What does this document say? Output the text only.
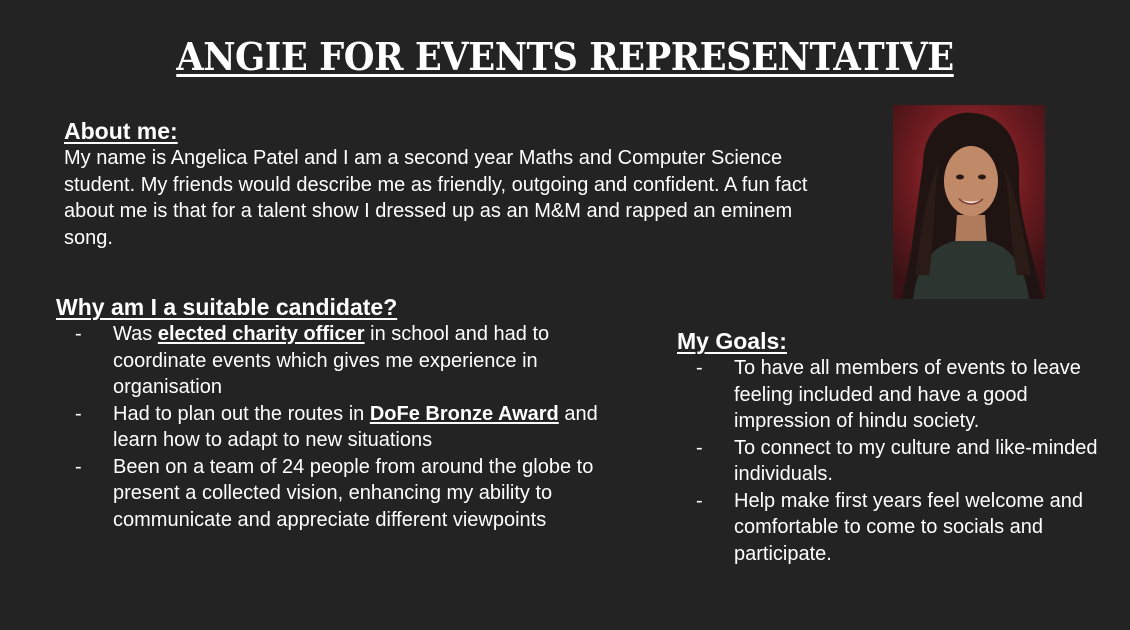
ANGIE FOR EVENTS REPRESENTATIVE
About me:
My name is Angelica Patel and I am a second year Maths and Computer Science student. My friends would describe me as friendly, outgoing and confident. A fun fact about me is that for a talent show I dressed up as an M&M and rapped an eminem song.
Why am I a suitable candidate?
- Was elected charity officer in school and had to coordinate events which gives me experience in organisation
- Had to plan out the routes in DoFe Bronze Award and learn how to adapt to new situations
- Been on a team of 24 people from around the globe to present a collected vision, enhancing my ability to communicate and appreciate different viewpoints
My Goals:
- To have all members of events to leave feeling included and have a good impression of hindu society.
- To connect to my culture and like-minded individuals.
- Help make first years feel welcome and comfortable to come to socials and participate.
